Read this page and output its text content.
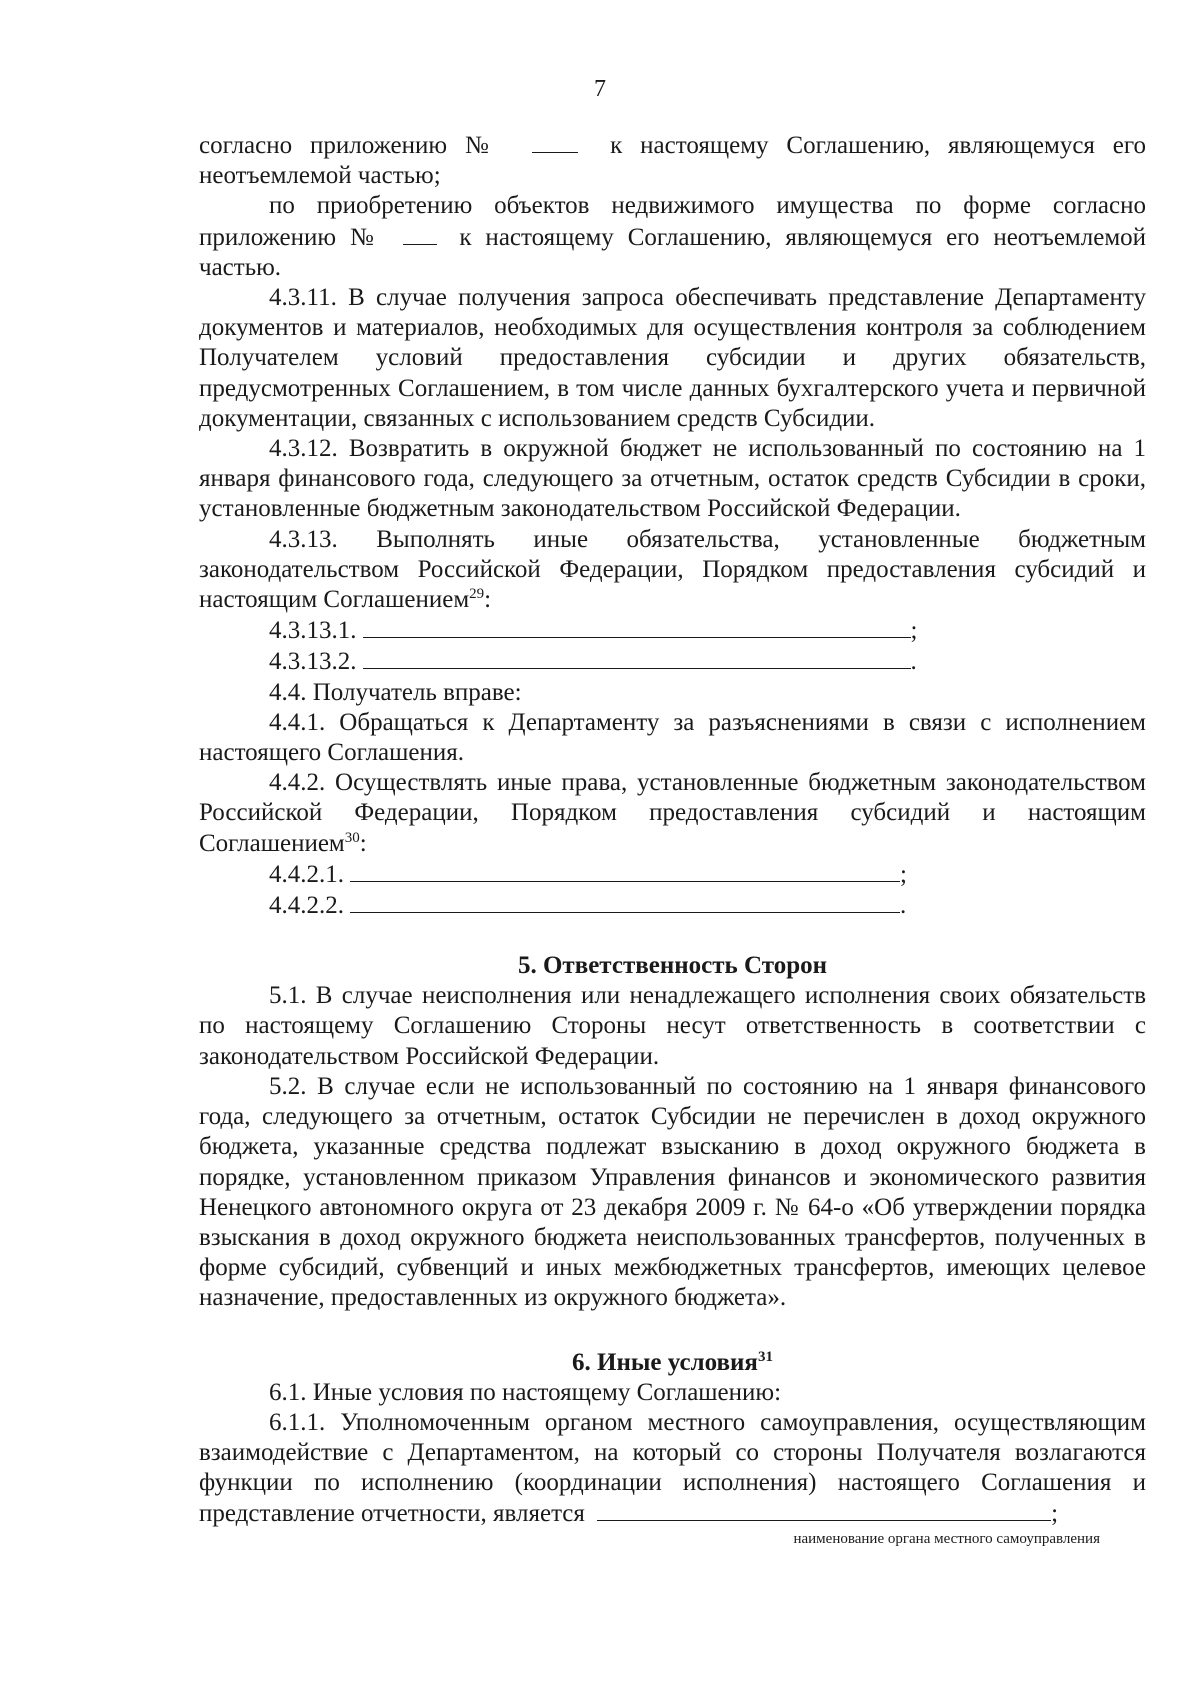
7

согласно приложению №	к настоящему Соглашению, являющемуся его неотъемлемой частью;

по приобретению объектов недвижимого имущества по форме согласно приложению №	к настоящему Соглашению, являющемуся его неотъемлемой частью.

4.3.11. В случае получения запроса обеспечивать представление Департаменту документов и материалов, необходимых для осуществления контроля за соблюдением Получателем условий предоставления субсидии и других обязательств, предусмотренных Соглашением, в том числе данных бухгалтерского учета и первичной документации, связанных с использованием средств Субсидии.

4.3.12. Возвратить в окружной бюджет не использованный по состоянию на 1 января финансового года, следующего за отчетным, остаток средств Субсидии в сроки, установленные бюджетным законодательством Российской Федерации.

4.3.13. Выполнять иные обязательства, установленные бюджетным законодательством Российской Федерации, Порядком предоставления субсидий и настоящим Соглашением$^{29}$:

4.3.13.1.	;

4.3.13.2.	.

4.4. Получатель вправе:

4.4.1. Обращаться к Департаменту за разъяснениями в связи с исполнением настоящего Соглашения.

4.4.2. Осуществлять иные права, установленные бюджетным законодательством Российской Федерации, Порядком предоставления субсидий и настоящим Соглашением$^{30}$:

4.4.2.1.	;

4.4.2.2.	.

5. Ответственность Сторон

5.1. В случае неисполнения или ненадлежащего исполнения своих обязательств по настоящему Соглашению Стороны несут ответственность в соответствии с законодательством Российской Федерации.

5.2. В случае если не использованный по состоянию на 1 января финансового года, следующего за отчетным, остаток Субсидии не перечислен в доход окружного бюджета, указанные средства подлежат взысканию в доход окружного бюджета в порядке, установленном приказом Управления финансов и экономического развития Ненецкого автономного округа от 23 декабря 2009 г. № 64-о «Об утверждении порядка взыскания в доход окружного бюджета неиспользованных трансфертов, полученных в форме субсидий, субвенций и иных межбюджетных трансфертов, имеющих целевое назначение, предоставленных из окружного бюджета».

6. Иные условия$^{31}$

6.1. Иные условия по настоящему Соглашению:

6.1.1. Уполномоченным органом местного самоуправления, осуществляющим взаимодействие с Департаментом, на который со стороны Получателя возлагаются функции по исполнению (координации исполнения) настоящего Соглашения и представление отчетности, является	;

наименование органа местного самоуправления
